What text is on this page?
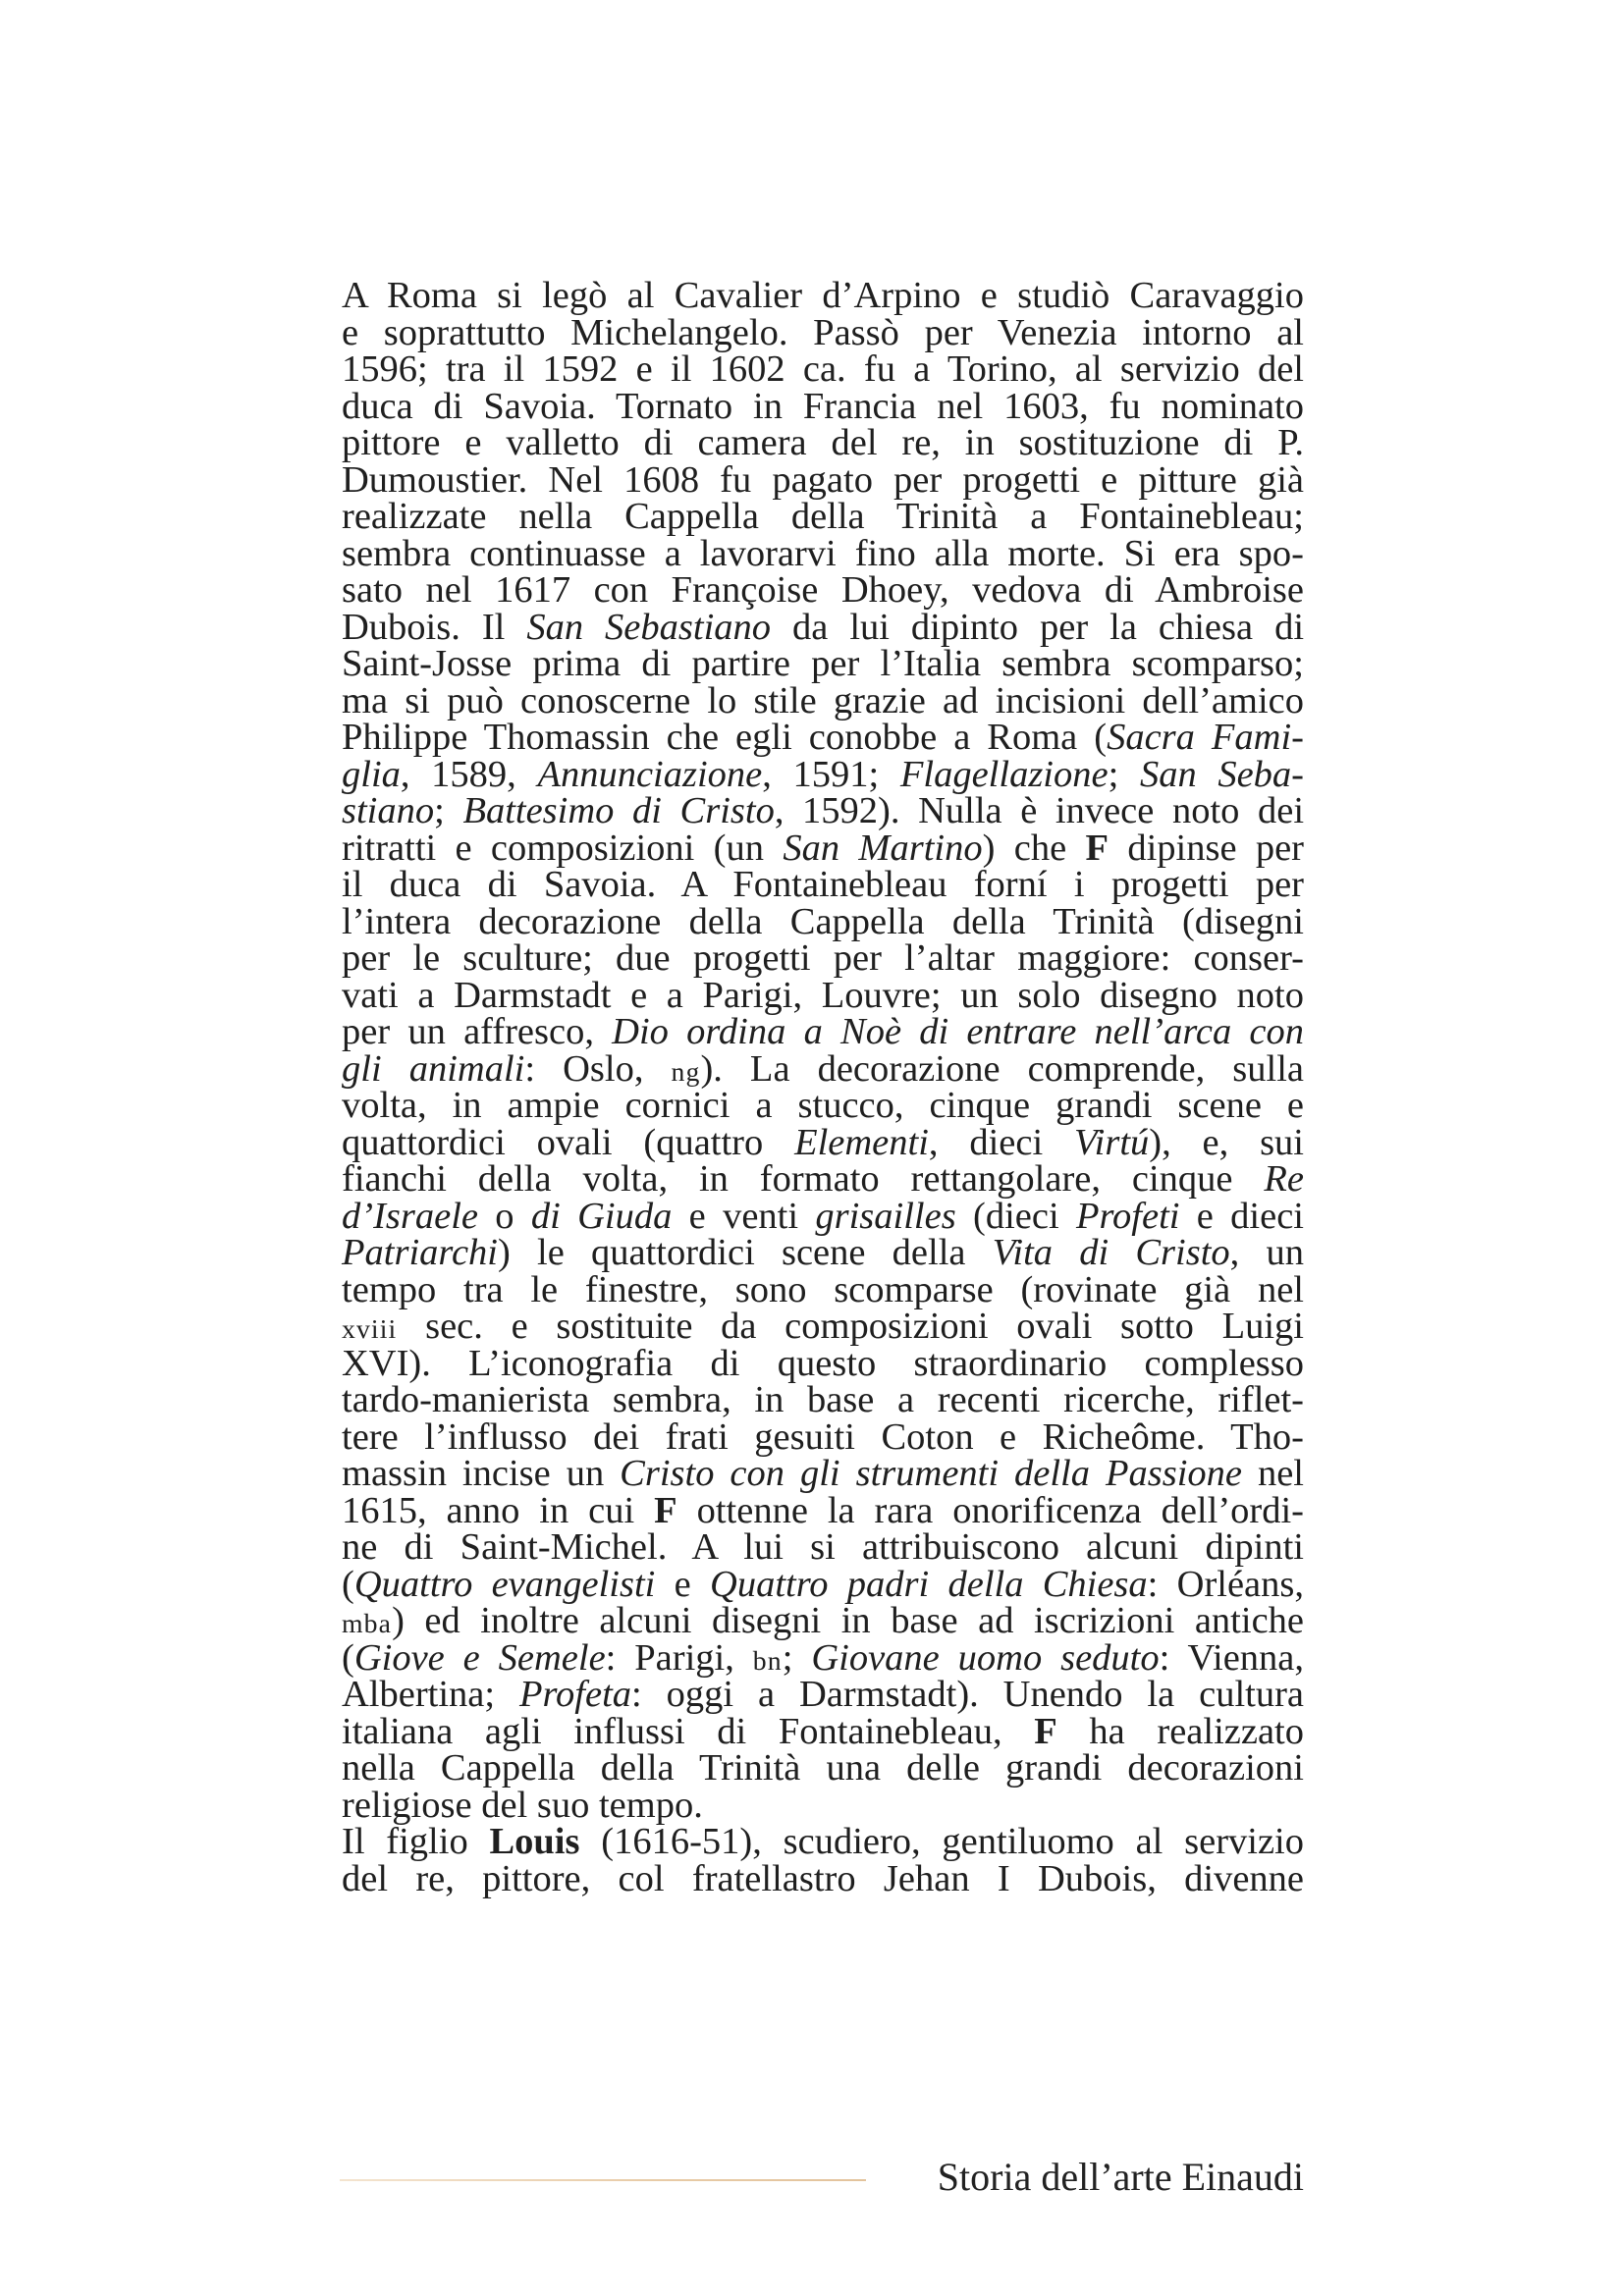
A Roma si legò al Cavalier d’Arpino e studiò Caravaggio
e soprattutto Michelangelo. Passò per Venezia intorno al
1596; tra il 1592 e il 1602 ca. fu a Torino, al servizio del
duca di Savoia. Tornato in Francia nel 1603, fu nominato
pittore e valletto di camera del re, in sostituzione di P.
Dumoustier. Nel 1608 fu pagato per progetti e pitture già
realizzate nella Cappella della Trinità a Fontainebleau;
sembra continuasse a lavorarvi fino alla morte. Si era spo-
sato nel 1617 con Françoise Dhoey, vedova di Ambroise
Dubois. Il San Sebastiano da lui dipinto per la chiesa di
Saint-Josse prima di partire per l’Italia sembra scomparso;
ma si può conoscerne lo stile grazie ad incisioni dell’amico
Philippe Thomassin che egli conobbe a Roma (Sacra Fami-
glia, 1589, Annunciazione, 1591; Flagellazione; San Seba-
stiano; Battesimo di Cristo, 1592). Nulla è invece noto dei
ritratti e composizioni (un San Martino) che F dipinse per
il duca di Savoia. A Fontainebleau forní i progetti per
l’intera decorazione della Cappella della Trinità (disegni
per le sculture; due progetti per l’altar maggiore: conser-
vati a Darmstadt e a Parigi, Louvre; un solo disegno noto
per un affresco, Dio ordina a Noè di entrare nell’arca con
gli animali: Oslo, ng). La decorazione comprende, sulla
volta, in ampie cornici a stucco, cinque grandi scene e
quattordici ovali (quattro Elementi, dieci Virtú), e, sui
fianchi della volta, in formato rettangolare, cinque Re
d’Israele o di Giuda e venti grisailles (dieci Profeti e dieci
Patriarchi) le quattordici scene della Vita di Cristo, un
tempo tra le finestre, sono scomparse (rovinate già nel
xviii sec. e sostituite da composizioni ovali sotto Luigi
XVI). L’iconografia di questo straordinario complesso
tardo-manierista sembra, in base a recenti ricerche, riflet-
tere l’influsso dei frati gesuiti Coton e Richeôme. Tho-
massin incise un Cristo con gli strumenti della Passione nel
1615, anno in cui F ottenne la rara onorificenza dell’ordi-
ne di Saint-Michel. A lui si attribuiscono alcuni dipinti
(Quattro evangelisti e Quattro padri della Chiesa: Orléans,
mba) ed inoltre alcuni disegni in base ad iscrizioni antiche
(Giove e Semele: Parigi, bn; Giovane uomo seduto: Vienna,
Albertina; Profeta: oggi a Darmstadt). Unendo la cultura
italiana agli influssi di Fontainebleau, F ha realizzato
nella Cappella della Trinità una delle grandi decorazioni
religiose del suo tempo.
Il figlio Louis (1616-51), scudiero, gentiluomo al servizio
del re, pittore, col fratellastro Jehan I Dubois, divenne
Storia dell’arte Einaudi
